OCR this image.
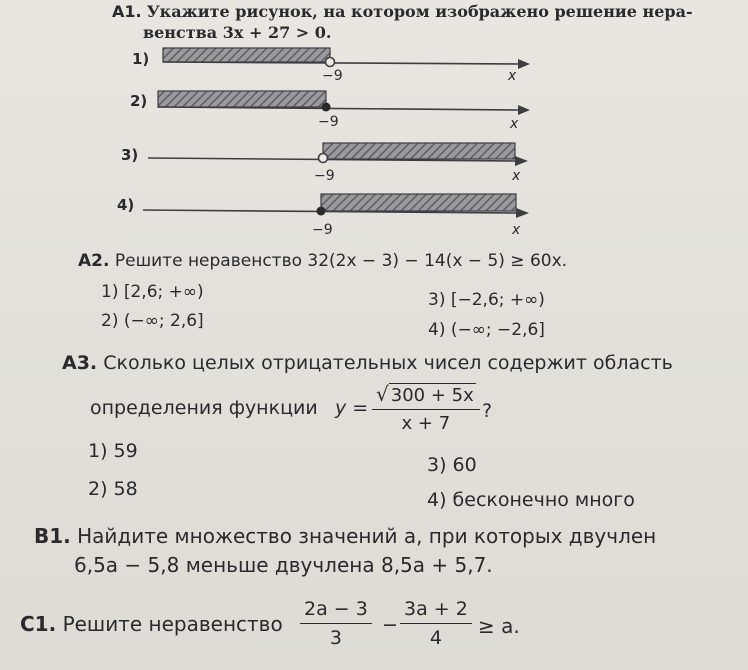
А1. Укажите рисунок, на котором изображено решение нера-
венства 3x + 27 > 0.
1)
−9	x
2)
−9	x
3)
−9	x
4)
−9	x
А2. Решите неравенство 32(2x − 3) − 14(x − 5) ≥ 60x.
1) [2,6; +∞)
2) (−∞; 2,6]
3) [−2,6; +∞)
4) (−∞; −2,6]
А3. Сколько целых отрицательных чисел содержит область
определения функции y =
√ 300 + 5x
x + 7
?
1) 59
2) 58
3) 60
4) бесконечно много
В1. Найдите множество значений a, при которых двучлен
6,5a − 5,8 меньше двучлена 8,5a + 5,7.
С1. Решите неравенство
2a − 3
3
−
3a + 2
4	≥ a.
